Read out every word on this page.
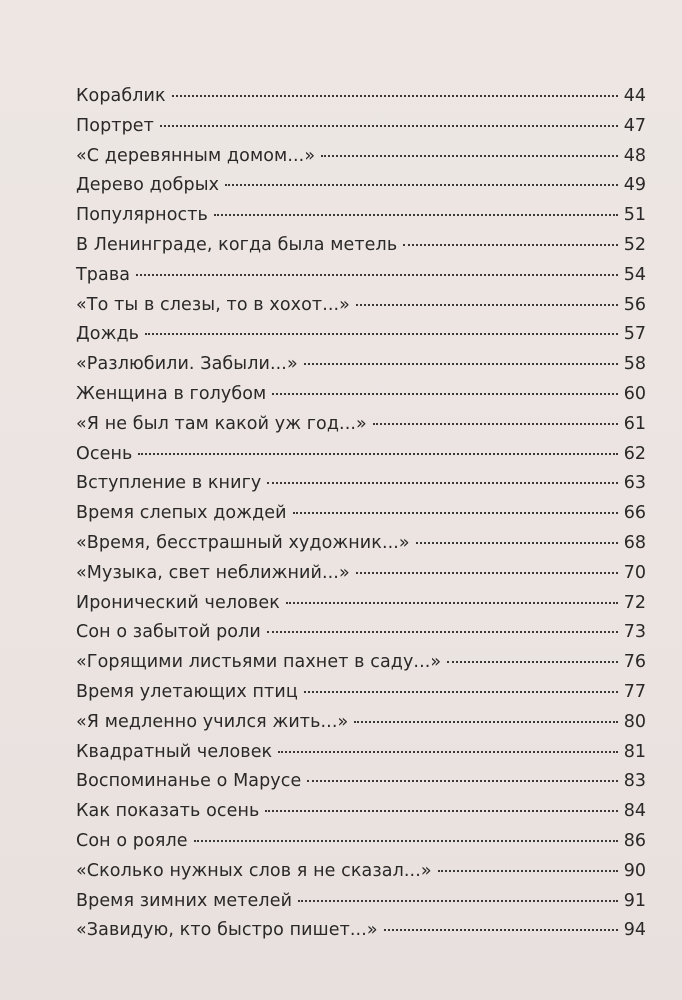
Кораблик	44
Портрет	47
«С деревянным домом...»	48
Дерево добрых	49
Популярность	51
В Ленинграде, когда была метель	52
Трава	54
«То ты в слезы, то в хохот...»	56
Дождь	57
«Разлюбили. Забыли...»	58
Женщина в голубом	60
«Я не был там какой уж год...»	61
Осень	62
Вступление в книгу	63
Время слепых дождей	66
«Время, бесстрашный художник...»	68
«Музыка, свет неближний...»	70
Иронический человек	72
Сон о забытой роли	73
«Горящими листьями пахнет в саду...»	76
Время улетающих птиц	77
«Я медленно учился жить...»	80
Квадратный человек	81
Воспоминанье о Марусе	83
Как показать осень	84
Сон о рояле	86
«Сколько нужных слов я не сказал...»	90
Время зимних метелей	91
«Завидую, кто быстро пишет...»	94
